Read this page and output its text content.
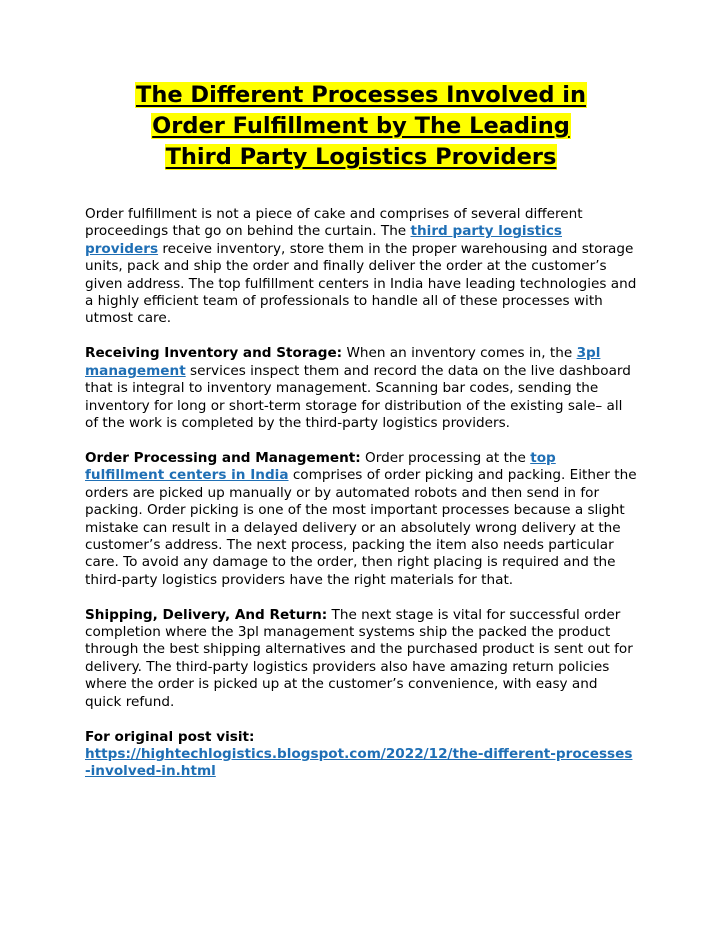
The Different Processes Involved in
Order Fulfillment by The Leading
Third Party Logistics Providers

Order fulfillment is not a piece of cake and comprises of several different proceedings that go on behind the curtain. The third party logistics providers receive inventory, store them in the proper warehousing and storage units, pack and ship the order and finally deliver the order at the customer’s given address. The top fulfillment centers in India have leading technologies and a highly efficient team of professionals to handle all of these processes with utmost care.

Receiving Inventory and Storage: When an inventory comes in, the 3pl management services inspect them and record the data on the live dashboard that is integral to inventory management. Scanning bar codes, sending the inventory for long or short-term storage for distribution of the existing sale– all of the work is completed by the third-party logistics providers.

Order Processing and Management: Order processing at the top fulfillment centers in India comprises of order picking and packing. Either the orders are picked up manually or by automated robots and then send in for packing. Order picking is one of the most important processes because a slight mistake can result in a delayed delivery or an absolutely wrong delivery at the customer’s address. The next process, packing the item also needs particular care. To avoid any damage to the order, then right placing is required and the third-party logistics providers have the right materials for that.

Shipping, Delivery, And Return: The next stage is vital for successful order completion where the 3pl management systems ship the packed the product through the best shipping alternatives and the purchased product is sent out for delivery. The third-party logistics providers also have amazing return policies where the order is picked up at the customer’s convenience, with easy and quick refund.

For original post visit:
https://hightechlogistics.blogspot.com/2022/12/the-different-processes-involved-in.html
